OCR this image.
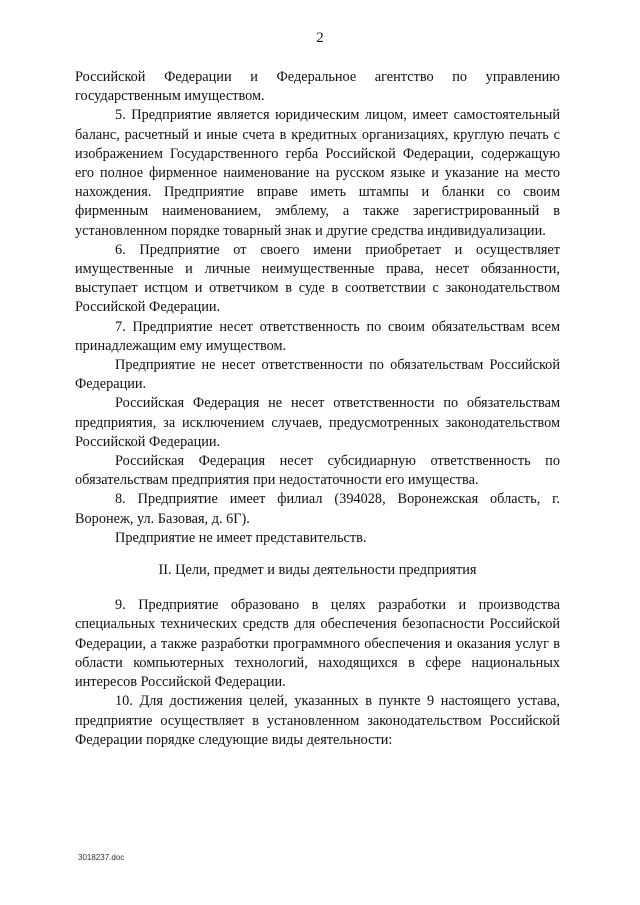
2

Российской Федерации и Федеральное агентство по управлению государственным имуществом.

5. Предприятие является юридическим лицом, имеет самостоятельный баланс, расчетный и иные счета в кредитных организациях, круглую печать с изображением Государственного герба Российской Федерации, содержащую его полное фирменное наименование на русском языке и указание на место нахождения. Предприятие вправе иметь штампы и бланки со своим фирменным наименованием, эмблему, а также зарегистрированный в установленном порядке товарный знак и другие средства индивидуализации.

6. Предприятие от своего имени приобретает и осуществляет имущественные и личные неимущественные права, несет обязанности, выступает истцом и ответчиком в суде в соответствии с законодательством Российской Федерации.

7. Предприятие несет ответственность по своим обязательствам всем принадлежащим ему имуществом.

Предприятие не несет ответственности по обязательствам Российской Федерации.

Российская Федерация не несет ответственности по обязательствам предприятия, за исключением случаев, предусмотренных законодательством Российской Федерации.

Российская Федерация несет субсидиарную ответственность по обязательствам предприятия при недостаточности его имущества.

8. Предприятие имеет филиал (394028, Воронежская область, г. Воронеж, ул. Базовая, д. 6Г).

Предприятие не имеет представительств.

II. Цели, предмет и виды деятельности предприятия

9. Предприятие образовано в целях разработки и производства специальных технических средств для обеспечения безопасности Российской Федерации, а также разработки программного обеспечения и оказания услуг в области компьютерных технологий, находящихся в сфере национальных интересов Российской Федерации.

10. Для достижения целей, указанных в пункте 9 настоящего устава, предприятие осуществляет в установленном законодательством Российской Федерации порядке следующие виды деятельности:

3018237.doc
